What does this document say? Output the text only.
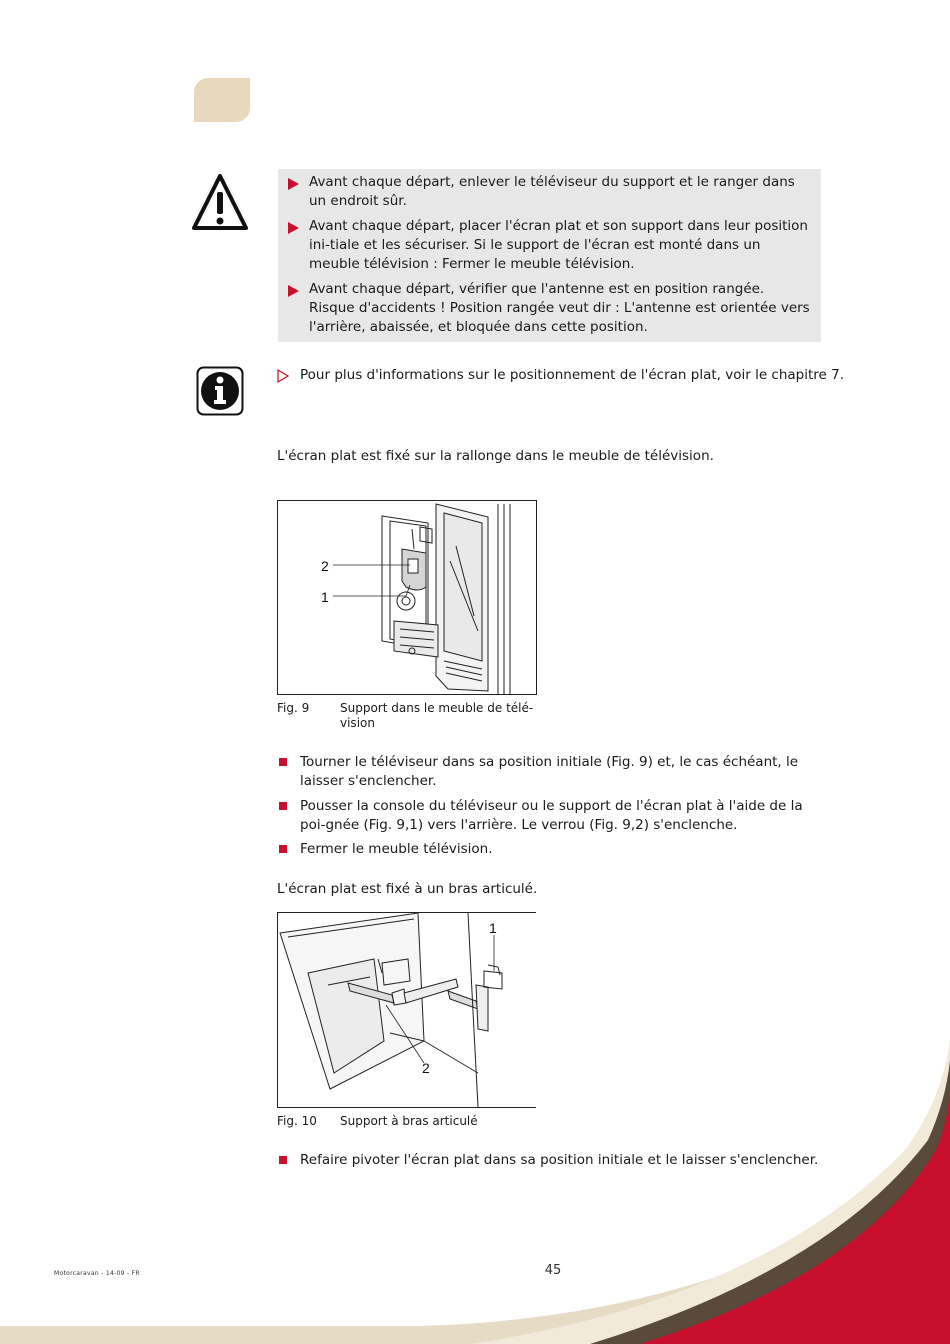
Avant chaque départ, enlever le téléviseur du support et le ranger dans un endroit sûr.
Avant chaque départ, placer l'écran plat et son support dans leur position ini-tiale et les sécuriser. Si le support de l'écran est monté dans un meuble télévision : Fermer le meuble télévision.
Avant chaque départ, vérifier que l'antenne est en position rangée. Risque d'accidents ! Position rangée veut dir : L'antenne est orientée vers l'arrière, abaissée, et bloquée dans cette position.
Pour plus d'informations sur le positionnement de l'écran plat, voir le chapitre 7.
L'écran plat est fixé sur la rallonge dans le meuble de télévision.
2
1
Fig. 9	Support dans le meuble de télé-vision
Tourner le téléviseur dans sa position initiale (Fig. 9) et, le cas échéant, le laisser s'enclencher.
Pousser la console du téléviseur ou le support de l'écran plat à l'aide de la poi-gnée (Fig. 9,1) vers l'arrière. Le verrou (Fig. 9,2) s'enclenche.
Fermer le meuble télévision.
L'écran plat est fixé à un bras articulé.
1
2
Fig. 10 Support à bras articulé
Refaire pivoter l'écran plat dans sa position initiale et le laisser s'enclencher.
Motorcaravan - 14-09 - FR	45
